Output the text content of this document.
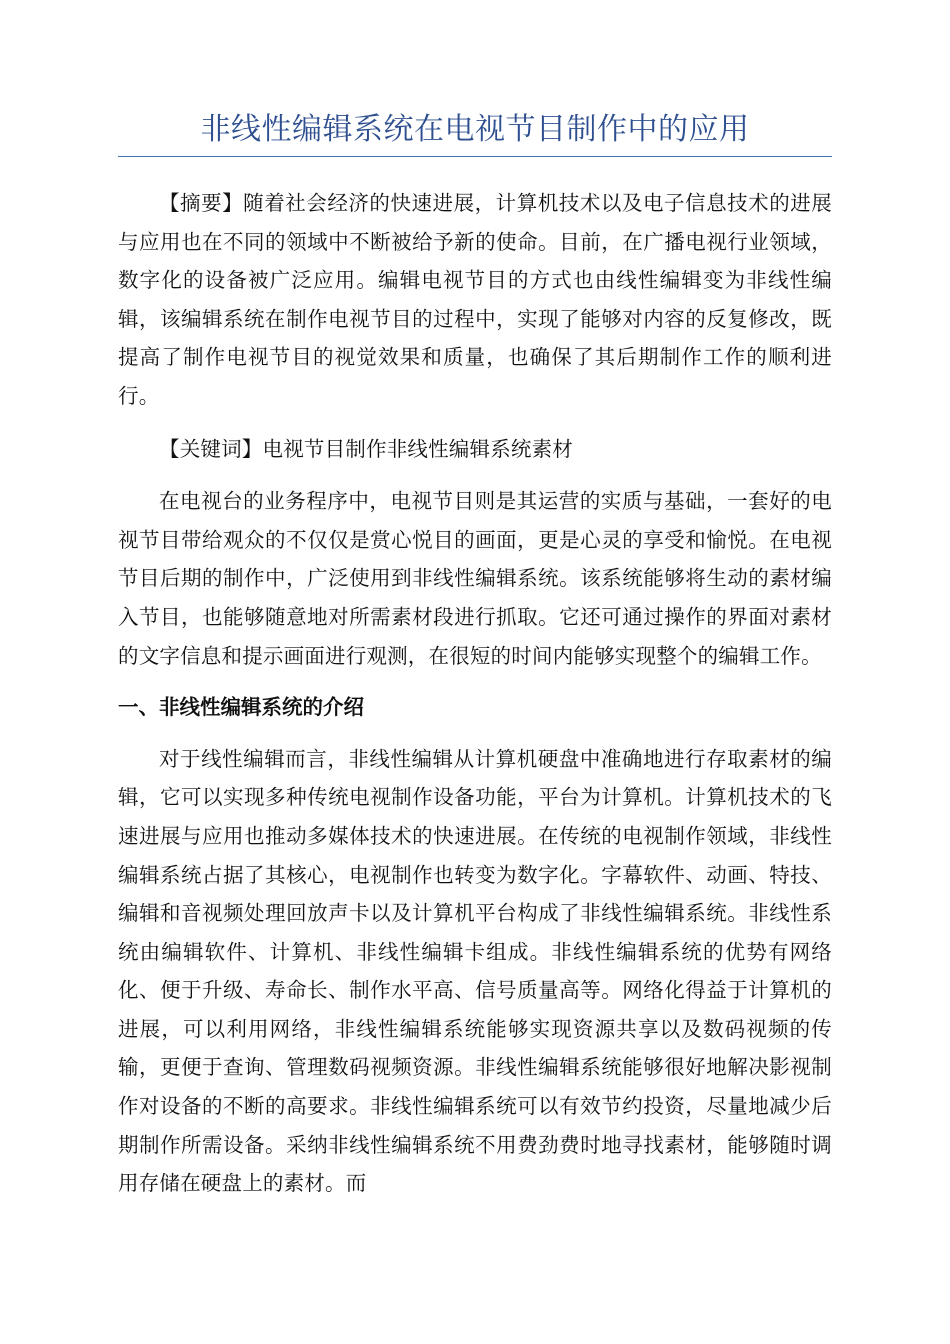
非线性编辑系统在电视节目制作中的应用

【摘要】随着社会经济的快速进展，计算机技术以及电子信息技术的进展与应用也在不同的领域中不断被给予新的使命。目前，在广播电视行业领域，数字化的设备被广泛应用。编辑电视节目的方式也由线性编辑变为非线性编辑，该编辑系统在制作电视节目的过程中，实现了能够对内容的反复修改，既提高了制作电视节目的视觉效果和质量，也确保了其后期制作工作的顺利进行。

【关键词】电视节目制作非线性编辑系统素材

在电视台的业务程序中，电视节目则是其运营的实质与基础，一套好的电视节目带给观众的不仅仅是赏心悦目的画面，更是心灵的享受和愉悦。在电视节目后期的制作中，广泛使用到非线性编辑系统。该系统能够将生动的素材编入节目，也能够随意地对所需素材段进行抓取。它还可通过操作的界面对素材的文字信息和提示画面进行观测，在很短的时间内能够实现整个的编辑工作。

一、非线性编辑系统的介绍

对于线性编辑而言，非线性编辑从计算机硬盘中准确地进行存取素材的编辑，它可以实现多种传统电视制作设备功能，平台为计算机。计算机技术的飞速进展与应用也推动多媒体技术的快速进展。在传统的电视制作领域，非线性编辑系统占据了其核心，电视制作也转变为数字化。字幕软件、动画、特技、编辑和音视频处理回放声卡以及计算机平台构成了非线性编辑系统。非线性系统由编辑软件、计算机、非线性编辑卡组成。非线性编辑系统的优势有网络化、便于升级、寿命长、制作水平高、信号质量高等。网络化得益于计算机的进展，可以利用网络，非线性编辑系统能够实现资源共享以及数码视频的传输，更便于查询、管理数码视频资源。非线性编辑系统能够很好地解决影视制作对设备的不断的高要求。非线性编辑系统可以有效节约投资，尽量地减少后期制作所需设备。采纳非线性编辑系统不用费劲费时地寻找素材，能够随时调用存储在硬盘上的素材。而
